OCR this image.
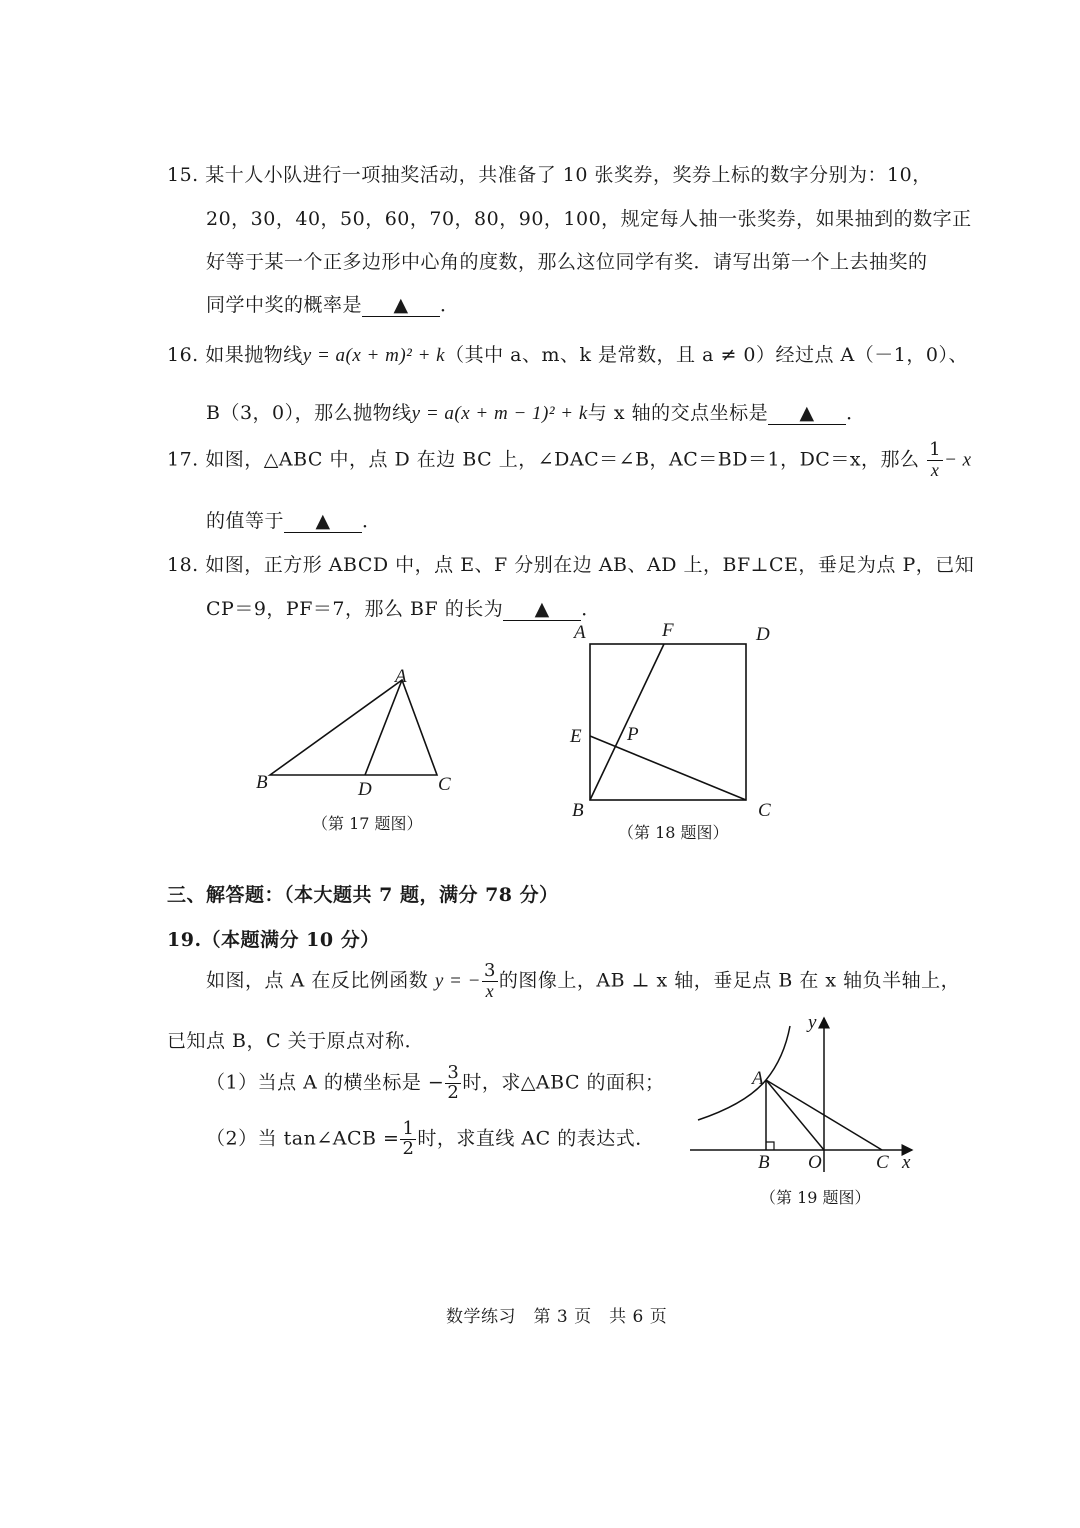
15. 某十人小队进行一项抽奖活动，共准备了 10 张奖券，奖券上标的数字分别为：10，
20，30，40，50，60，70，80，90，100，规定每人抽一张奖券，如果抽到的数字正
好等于某一个正多边形中心角的度数，那么这位同学有奖．请写出第一个上去抽奖的
同学中奖的概率是 ▲ ．
16. 如果抛物线y = a(x + m)² + k（其中 a、m、k 是常数，且 a ≠ 0）经过点 A（－1，0）、
B（3，0），那么抛物线y = a(x + m − 1)² + k与 x 轴的交点坐标是 ▲ ．
17. 如图，△ABC 中，点 D 在边 BC 上，∠DAC＝∠B，AC＝BD＝1，DC＝x，那么 $\frac{1}{x} - x$
的值等于 ▲ ．
18. 如图，正方形 ABCD 中，点 E、F 分别在边 AB、AD 上，BF⊥CE，垂足为点 P，已知
CP＝9，PF＝7，那么 BF 的长为 ▲ ．
A
B	C
D
（第 17 题图）
A	F	D
E P
B	C
（第 18 题图）
三、解答题：（本大题共 7 题，满分 78 分）
19.（本题满分 10 分）
如图，点 A 在反比例函数 y = − $\frac{3}{x}$ 的图像上，AB ⊥ x 轴，垂足点 B 在 x 轴负半轴上，
已知点 B，C 关于原点对称．
（1）当点 A 的横坐标是 − $\frac{3}{2}$ 时，求△ABC 的面积；
（2）当 tan∠ACB = $\frac{1}{2}$ 时，求直线 AC 的表达式．
A
B O	C x
y
（第 19 题图）
数学练习　第 3 页　共 6 页
